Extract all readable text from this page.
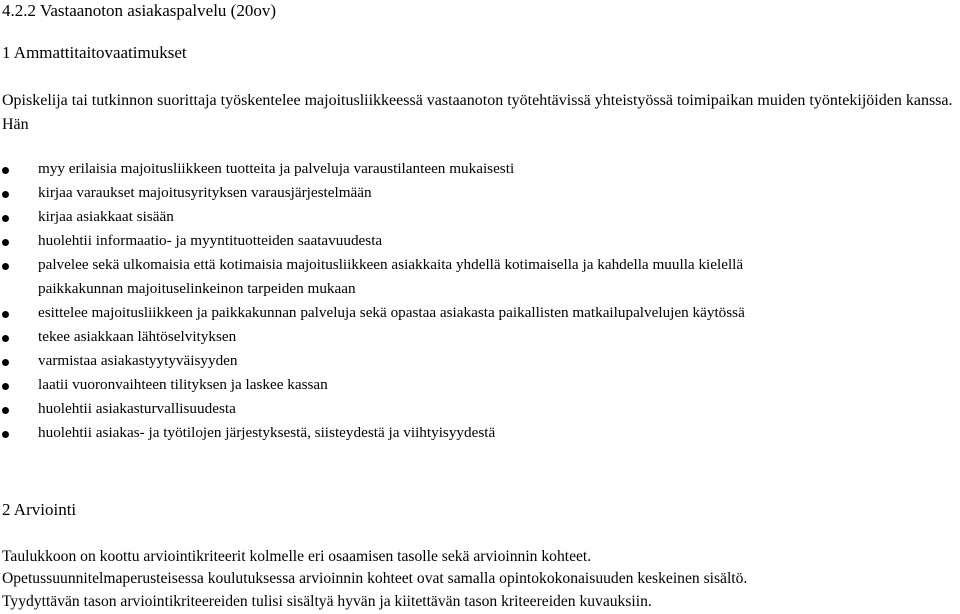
4.2.2 Vastaanoton asiakaspalvelu (20ov)
1 Ammattitaitovaatimukset
Opiskelija tai tutkinnon suorittaja työskentelee majoitusliikkeessä vastaanoton työtehtävissä yhteistyössä toimipaikan muiden työntekijöiden kanssa. Hän
myy erilaisia majoitusliikkeen tuotteita ja palveluja varaustilanteen mukaisesti
kirjaa varaukset majoitusyrityksen varausjärjestelmään
kirjaa asiakkaat sisään
huolehtii informaatio- ja myyntituotteiden saatavuudesta
palvelee sekä ulkomaisia että kotimaisia majoitusliikkeen asiakkaita yhdellä kotimaisella ja kahdella muulla kielellä
paikkakunnan majoituselinkeinon tarpeiden mukaan
esittelee majoitusliikkeen ja paikkakunnan palveluja sekä opastaa asiakasta paikallisten matkailupalvelujen käytössä
tekee asiakkaan lähtöselvityksen
varmistaa asiakastyytyväisyyden
laatii vuoronvaihteen tilityksen ja laskee kassan
huolehtii asiakasturvallisuudesta
huolehtii asiakas- ja työtilojen järjestyksestä, siisteydestä ja viihtyisyydestä
2 Arviointi
Taulukkoon on koottu arviointikriteerit kolmelle eri osaamisen tasolle sekä arvioinnin kohteet.
Opetussuunnitelmaperusteisessa koulutuksessa arvioinnin kohteet ovat samalla opintokokonaisuuden keskeinen sisältö.
Tyydyttävän tason arviointikriteereiden tulisi sisältyä hyvän ja kiitettävän tason kriteereiden kuvauksiin.
